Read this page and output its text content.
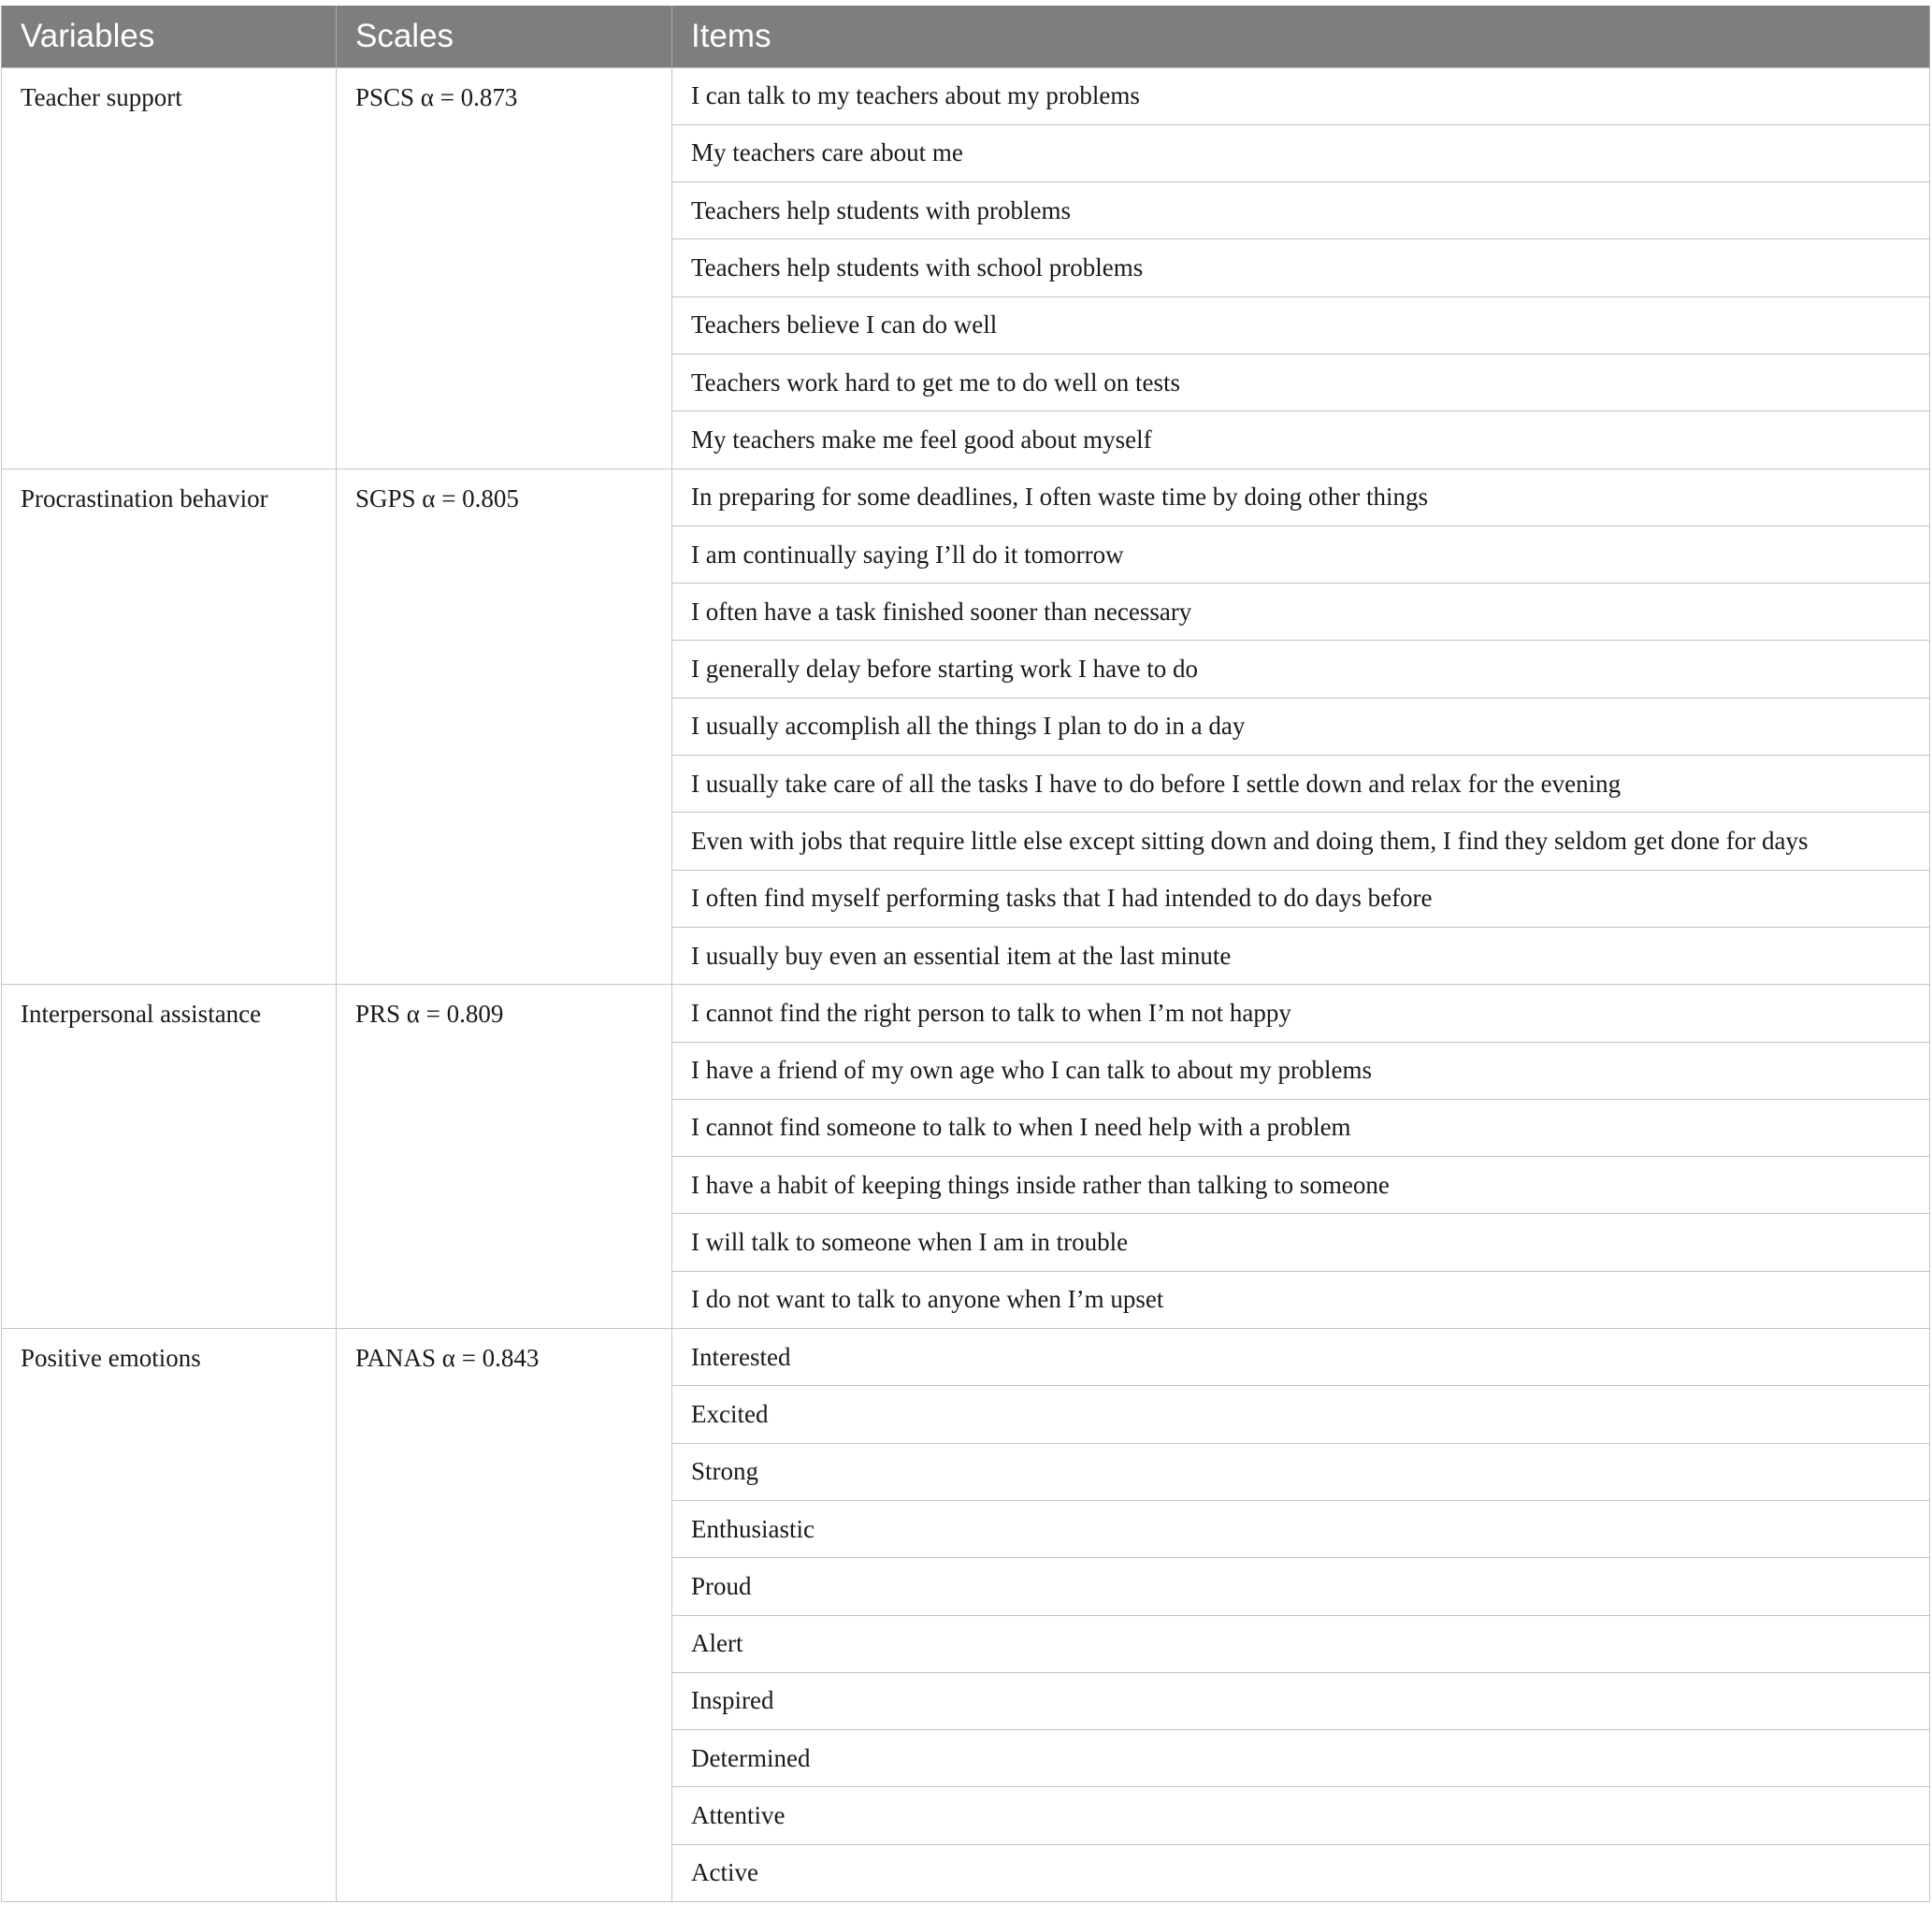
Variables	Scales	Items
Teacher support	PSCS α = 0.873	I can talk to my teachers about my problems
		My teachers care about me
		Teachers help students with problems
		Teachers help students with school problems
		Teachers believe I can do well
		Teachers work hard to get me to do well on tests
		My teachers make me feel good about myself
Procrastination behavior	SGPS α = 0.805	In preparing for some deadlines, I often waste time by doing other things
		I am continually saying I’ll do it tomorrow
		I often have a task finished sooner than necessary
		I generally delay before starting work I have to do
		I usually accomplish all the things I plan to do in a day
		I usually take care of all the tasks I have to do before I settle down and relax for the evening
		Even with jobs that require little else except sitting down and doing them, I find they seldom get done for days
		I often find myself performing tasks that I had intended to do days before
		I usually buy even an essential item at the last minute
Interpersonal assistance	PRS α = 0.809	I cannot find the right person to talk to when I’m not happy
		I have a friend of my own age who I can talk to about my problems
		I cannot find someone to talk to when I need help with a problem
		I have a habit of keeping things inside rather than talking to someone
		I will talk to someone when I am in trouble
		I do not want to talk to anyone when I’m upset
Positive emotions	PANAS α = 0.843	Interested
		Excited
		Strong
		Enthusiastic
		Proud
		Alert
		Inspired
		Determined
		Attentive
		Active
